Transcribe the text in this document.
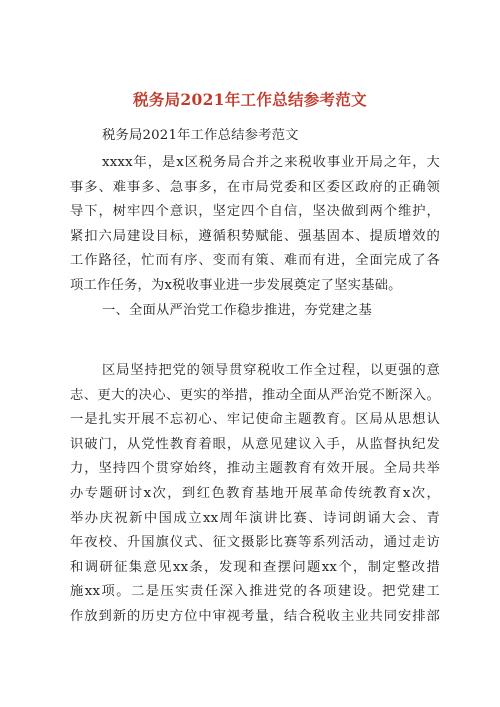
税务局2021年工作总结参考范文
税务局2021年工作总结参考范文
xxxx年，是x区税务局合并之来税收事业开局之年，大
事多、难事多、急事多，在市局党委和区委区政府的正确领
导下，树牢四个意识，坚定四个自信，坚决做到两个维护，
紧扣六局建设目标，遵循积势赋能、强基固本、提质增效的
工作路径，忙而有序、变而有策、难而有进，全面完成了各
项工作任务，为x税收事业进一步发展奠定了坚实基础。
一、全面从严治党工作稳步推进，夯党建之基
区局坚持把党的领导贯穿税收工作全过程，以更强的意
志、更大的决心、更实的举措，推动全面从严治党不断深入。
一是扎实开展不忘初心、牢记使命主题教育。区局从思想认
识破门，从党性教育着眼，从意见建议入手，从监督执纪发
力，坚持四个贯穿始终，推动主题教育有效开展。全局共举
办专题研讨x次，到红色教育基地开展革命传统教育x次，
举办庆祝新中国成立xx周年演讲比赛、诗词朗诵大会、青
年夜校、升国旗仪式、征文摄影比赛等系列活动，通过走访
和调研征集意见xx条，发现和查摆问题xx个，制定整改措
施xx项。二是压实责任深入推进党的各项建设。把党建工
作放到新的历史方位中审视考量，结合税收主业共同安排部
